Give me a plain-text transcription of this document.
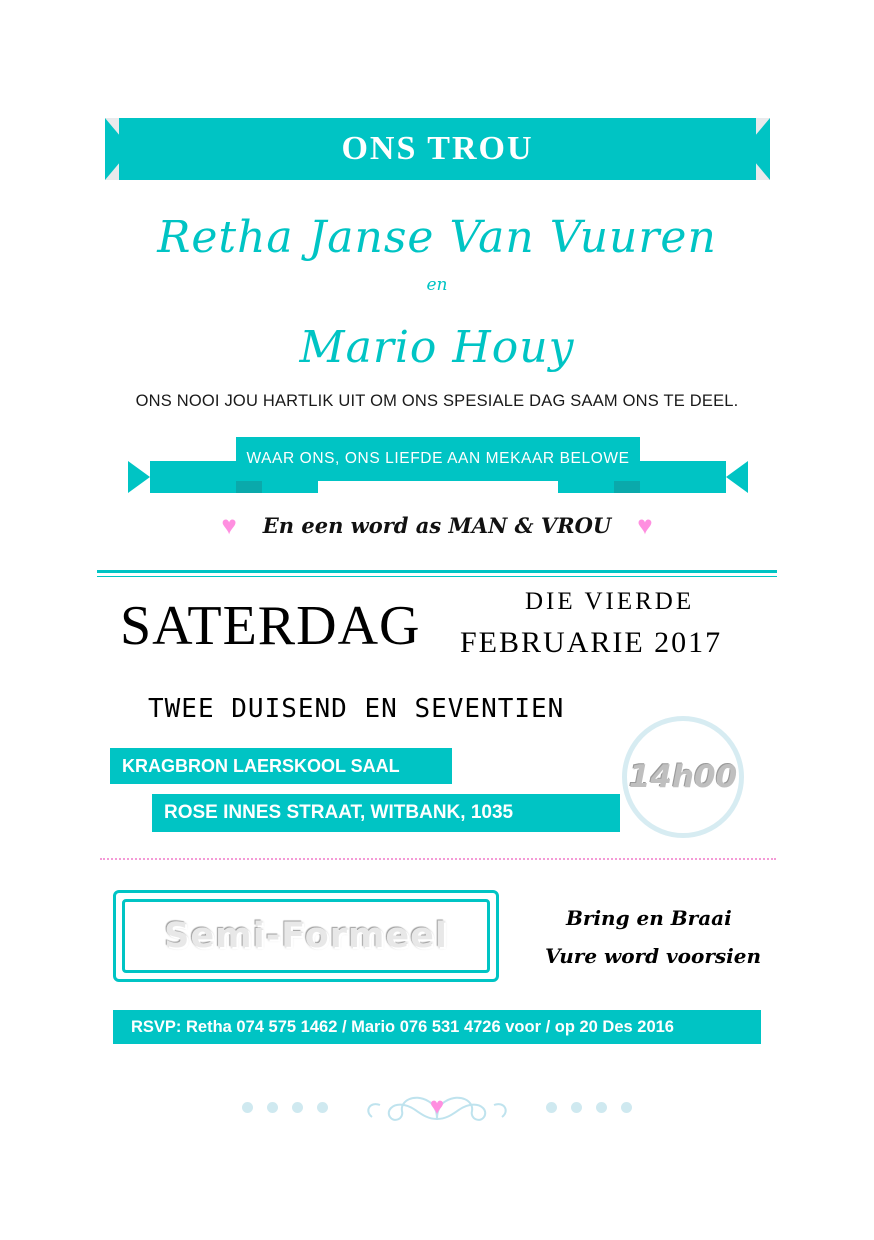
ONS TROU
Retha Janse Van Vuuren
en
Mario Houy
ONS NOOI JOU HARTLIK UIT OM ONS SPESIALE DAG SAAM ONS TE DEEL.
WAAR ONS, ONS LIEFDE AAN MEKAAR BELOWE
♥ En een word as MAN & VROU ♥
SATERDAG	DIE VIERDE
FEBRUARIE 2017
TWEE DUISEND EN SEVENTIEN
KRAGBRON LAERSKOOL SAAL
ROSE INNES STRAAT, WITBANK, 1035
14h00
Semi-Formeel	Bring en Braai
Vure word voorsien
RSVP: Retha 074 575 1462 / Mario 076 531 4726 voor / op 20 Des 2016
♥
